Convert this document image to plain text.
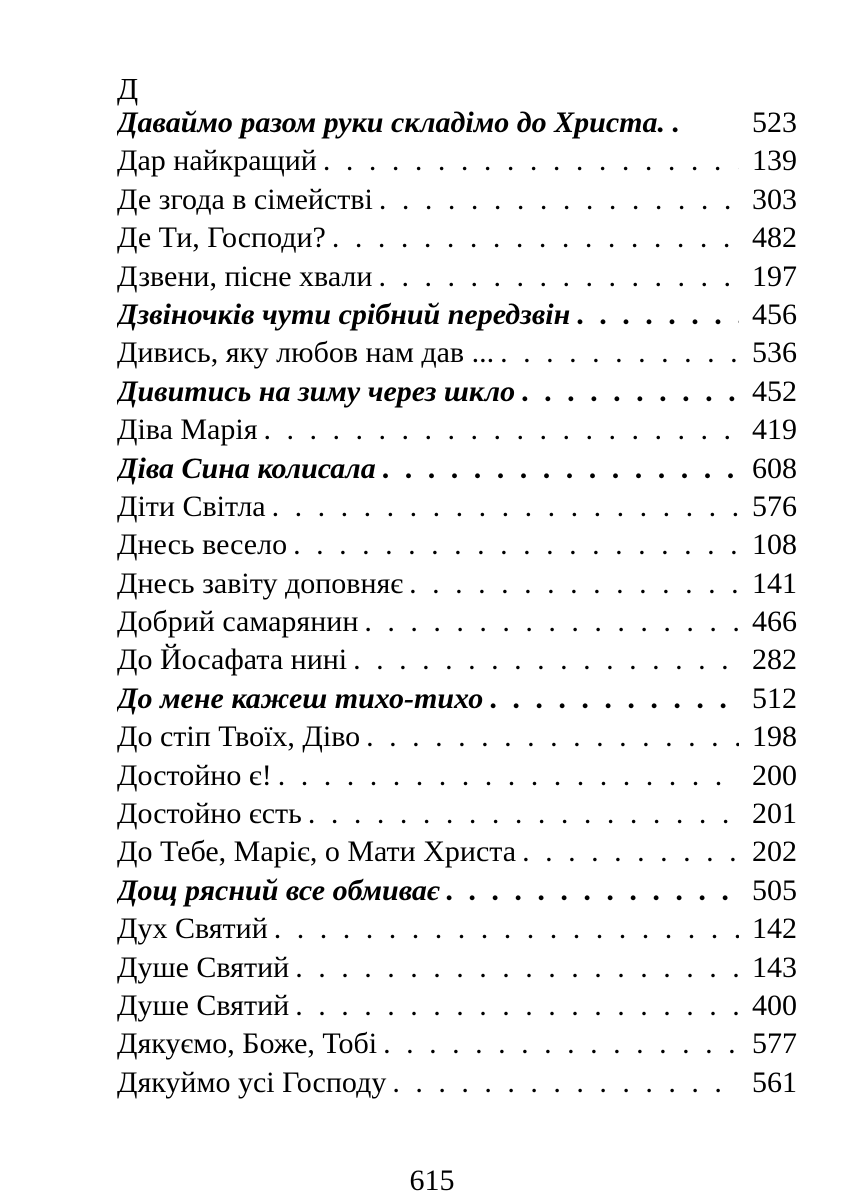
Д
Даваймо разом руки складімо до Христа . .	523
Дар найкращий . . .	139
Де згода в сімействі . . .	303
Де Ти, Господи? . . .	482
Дзвени, пісне хвали . . .	197
Дзвіночків чути срібний передзвін . . .	456
Дивись, яку любов нам дав ... . . .	536
Дивитись на зиму через шкло . . .	452
Діва Марія . . .	419
Діва Сина колисала . . .	608
Діти Світла . . .	576
Днесь весело . . .	108
Днесь завіту доповняє . . .	141
Добрий самарянин . . .	466
До Йосафата нині . . .	282
До мене кажеш тихо-тихо . . .	512
До стіп Твоїх, Діво . . .	198
Достойно є! . . .	200
Достойно єсть . . .	201
До Тебе, Маріє, о Мати Христа . . .	202
Дощ рясний все обмиває . . .	505
Дух Святий . . .	142
Душе Святий . . .	143
Душе Святий . . .	400
Дякуємо, Боже, Тобі . . .	577
Дякуймо усі Господу . . .	561
615
